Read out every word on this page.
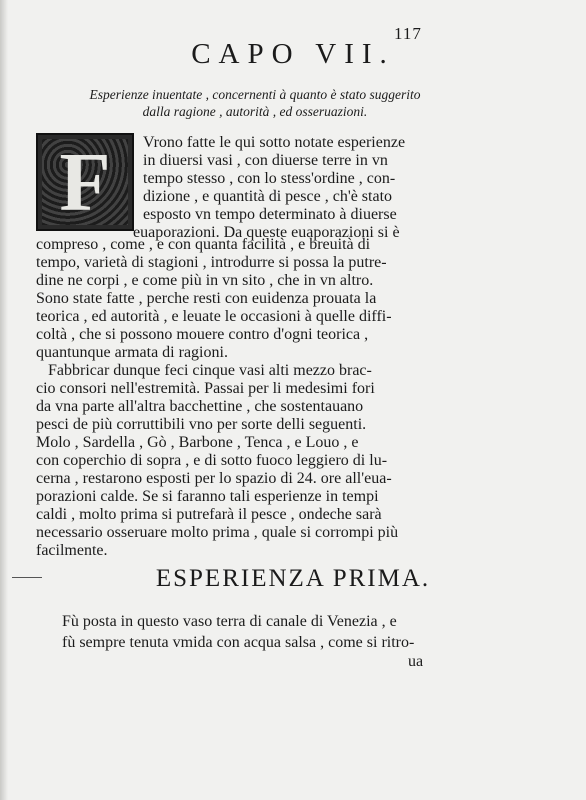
117
CAPO VII.
Esperienze inuentate , concernenti à quanto è stato suggerito
dalla ragione , autorità , ed osseruazioni.
F	Vrono fatte le qui sotto notate esperienze
in diuersi vasi , con diuerse terre in vn
tempo stesso , con lo stess'ordine , con-
dizione , e quantità di pesce , ch'è stato
esposto vn tempo determinato à diuerse
euaporazioni. Da queste euaporazioni si è
compreso , come , e con quanta facilità , e breuità di
tempo, varietà di stagioni , introdurre si possa la putre-
dine ne corpi , e come più in vn sito , che in vn altro.
Sono state fatte , perche resti con euidenza prouata la
teorica , ed autorità , e leuate le occasioni à quelle diffi-
coltà , che si possono mouere contro d'ogni teorica ,
quantunque armata di ragioni.
Fabbricar dunque feci cinque vasi alti mezzo brac-
cio consori nell'estremità. Passai per li medesimi fori
da vna parte all'altra bacchettine , che sostentauano
pesci de più corruttibili vno per sorte delli seguenti.
Molo , Sardella , Gò , Barbone , Tenca , e Louo , e
con coperchio di sopra , e di sotto fuoco leggiero di lu-
cerna , restarono esposti per lo spazio di 24. ore all'eua-
porazioni calde. Se si faranno tali esperienze in tempi
caldi , molto prima si putrefarà il pesce , ondeche sarà
necessario osseruare molto prima , quale si corrompi più
facilmente.
ESPERIENZA PRIMA.
Fù posta in questo vaso terra di canale di Venezia , e
fù sempre tenuta vmida con acqua salsa , come si ritro-
ua
